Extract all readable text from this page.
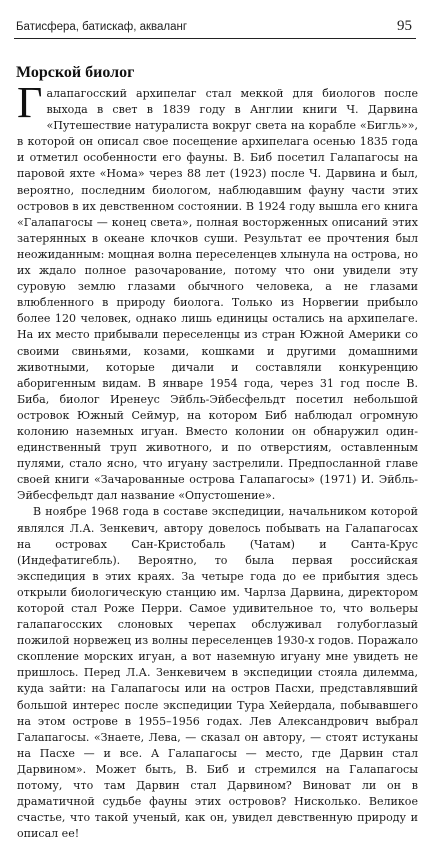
Батисфера, батискаф, акваланг	95
Морской биолог

Галапагосский архипелаг стал меккой для биологов после выхода в свет в 1839 году в Англии книги Ч. Дарвина «Путешествие натуралиста вокруг света на корабле «Бигль»», в которой он описал свое посещение архипелага осенью 1835 года и отметил особенности его фауны. В. Биб посетил Галапагосы на паровой яхте «Нома» через 88 лет (1923) после Ч. Дарвина и был, вероятно, последним биологом, наблюдавшим фауну части этих островов в их девственном состоянии. В 1924 году вышла его книга «Галапагосы — конец света», полная восторженных описаний этих затерянных в океане клочков суши. Результат ее прочтения был неожиданным: мощная волна переселенцев хлынула на острова, но их ждало полное разочарование, потому что они увидели эту суровую землю глазами обычного человека, а не глазами влюбленного в природу биолога. Только из Норвегии прибыло более 120 человек, однако лишь единицы остались на архипелаге. На их место прибывали переселенцы из стран Южной Америки со своими свиньями, козами, кошками и другими домашними животными, которые дичали и составляли конкуренцию аборигенным видам. В январе 1954 года, через 31 год после В. Биба, биолог Иренеус Эйбль-Эйбесфельдт посетил небольшой островок Южный Сеймур, на котором Биб наблюдал огромную колонию наземных игуан. Вместо колонии он обнаружил один-единственный труп животного, и по отверстиям, оставленным пулями, стало ясно, что игуану застрелили. Предпосланной главе своей книги «Зачарованные острова Галапагосы» (1971) И. Эйбль-Эйбесфельдт дал название «Опустошение».

В ноябре 1968 года в составе экспедиции, начальником которой являлся Л.А. Зенкевич, автору довелось побывать на Галапагосах на островах Сан-Кристобаль (Чатам) и Санта-Крус (Индефатигебль). Вероятно, то была первая российская экспедиция в этих краях. За четыре года до ее прибытия здесь открыли биологическую станцию им. Чарлза Дарвина, директором которой стал Роже Перри. Самое удивительное то, что вольеры галапагосских слоновых черепах обслуживал голубоглазый пожилой норвежец из волны переселенцев 1930-х годов. Поражало скопление морских игуан, а вот наземную игуану мне увидеть не пришлось. Перед Л.А. Зенкевичем в экспедиции стояла дилемма, куда зайти: на Галапагосы или на остров Пасхи, представлявший большой интерес после экспедиции Тура Хейердала, побывавшего на этом острове в 1955–1956 годах. Лев Александрович выбрал Галапагосы. «Знаете, Лева, — сказал он автору, — стоят истуканы на Пасхе — и все. А Галапагосы — место, где Дарвин стал Дарвином». Может быть, В. Биб и стремился на Галапагосы потому, что там Дарвин стал Дарвином? Виноват ли он в драматичной судьбе фауны этих островов? Нисколько. Великое счастье, что такой ученый, как он, увидел девственную природу и описал ее!
